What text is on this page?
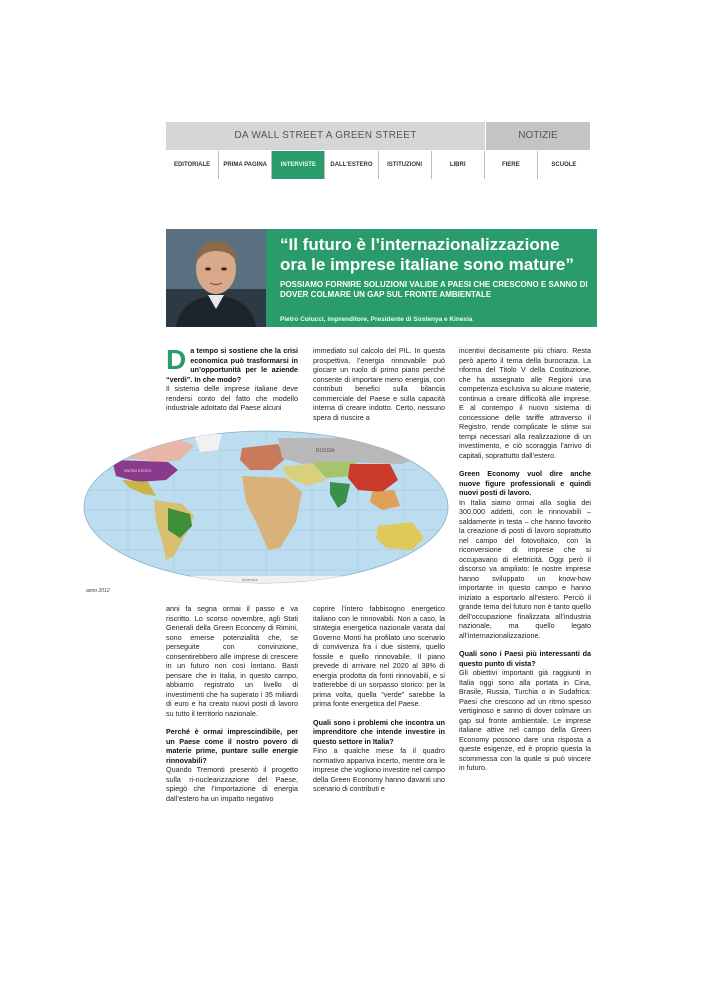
DA WALL STREET A GREEN STREET	NOTIZIE
EDITORIALE	PRIMA PAGINA	INTERVISTE	DALL'ESTERO	ISTITUZIONI	LIBRI	FIERE	SCUOLE
“Il futuro è l’internazionalizzazione ora le imprese italiane sono mature”
POSSIAMO FORNIRE SOLUZIONI VALIDE A PAESI CHE CRESCONO E SANNO DI DOVER COLMARE UN GAP SUL FRONTE AMBIENTALE
Pietro Colucci, imprenditore, Presidente di Sostenya e Kinexia
D a tempo si sostiene che la crisi economica può trasformarsi in un’opportunità per le aziende “verdi”. In che modo?

Il sistema delle imprese italiane deve rendersi conto del fatto che modello industriale adottato dal Paese alcuni

immediato sul calcolo del PIL. In questa prospettiva, l’energia rinnovabile può giocare un ruolo di primo piano perché consente di importare meno energia, con contributi benefici sulla bilancia commerciale del Paese e sulla capacità interna di creare indotto. Certo, nessuno spera di riuscire a

incentivi decisamente più chiaro. Resta però aperto il tema della burocrazia. La riforma del Titolo V della Costituzione, che ha assegnato alle Regioni una competenza esclusiva su alcune materie, continua a creare difficoltà alle imprese. E al contempo il nuovo sistema di concessione delle tariffe attraverso il Registro, rende complicate le stime sui tempi necessari alla realizzazione di un investimento, e ciò scoraggia l’arrivo di capitali, soprattutto dall’estero.

Green Economy vuol dire anche nuove figure professionali e quindi nuovi posti di lavoro.

In Italia siamo ormai alla soglia dei 300.000 addetti, con le rinnovabili – saldamente in testa – che hanno favorito la creazione di posti di lavoro soprattutto nel campo del fotovoltaico, con la riconversione di imprese che si occupavano di elettricità. Oggi però il discorso va ampliato: le nostre imprese hanno sviluppato un know-how importante in questo campo e hanno iniziato a esportarlo all’estero. Perciò il grande tema del futuro non è tanto quello dell’occupazione finalizzata all’industria nazionale, ma quello legato all’internazionalizzazione.

Quali sono i Paesi più interessanti da questo punto di vista?

Gli obiettivi importanti già raggiunti in Italia oggi sono alla portata in Cina, Brasile, Russia, Turchia o in Sudafrica: Paesi che crescono ad un ritmo spesso vertiginoso e sanno di dover colmare un gap sul fronte ambientale. Le imprese italiane attive nel campo della Green Economy possono dare una risposta a queste esigenze, ed è proprio questa la scommessa con la quale si può vincere in futuro.

RUSSIA
UNITED STATES
Antarctica
anno 2012

anni fa segna ormai il passo e va riscritto. Lo scorso novembre, agli Stati Generali della Green Economy di Rimini, sono emerse potenzialità che, se perseguite con convinzione, consentirebbero alle imprese di crescere in un futuro non così lontano. Basti pensare che in Italia, in questo campo, abbiamo registrato un livello di investimenti che ha superato i 35 miliardi di euro e ha creato nuovi posti di lavoro su tutto il territorio nazionale.

Perché è ormai imprescindibile, per un Paese come il nostro povero di materie prime, puntare sulle energie rinnovabili?

Quando Tremonti presentò il progetto sulla ri-nuclearizzazione del Paese, spiegò che l’importazione di energia dall’estero ha un impatto negativo

coprire l’intero fabbisogno energetico italiano con le rinnovabili. Non a caso, la strategia energetica nazionale varata dal Governo Monti ha profilato uno scenario di convivenza fra i due sistemi, quello fossile e quello rinnovabile. Il piano prevede di arrivare nel 2020 al 38% di energia prodotta da fonti rinnovabili, e si tratterebbe di un sorpasso storico: per la prima volta, quella “verde” sarebbe la prima fonte energetica del Paese.

Quali sono i problemi che incontra un imprenditore che intende investire in questo settore in Italia?

Fino a qualche mese fa il quadro normativo appariva incerto, mentre ora le imprese che vogliono investire nel campo della Green Economy hanno davanti uno scenario di contributi e
